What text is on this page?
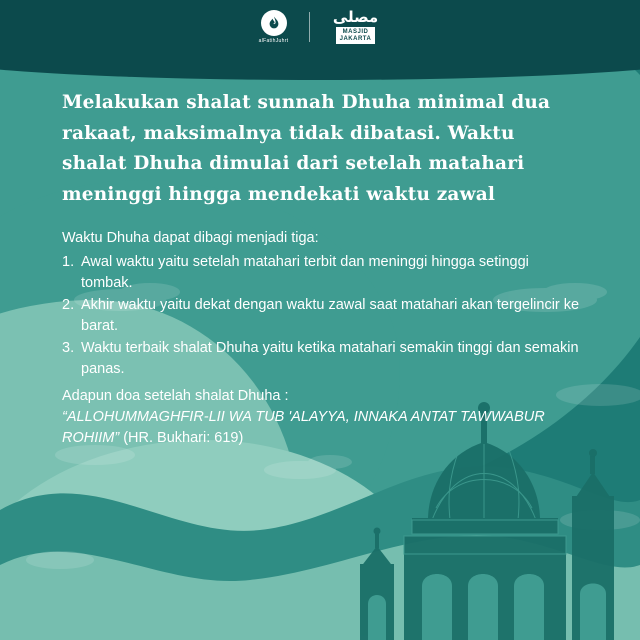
alFatihJuhrt
مصلى
MASJID
JAKARTA

Melakukan shalat sunnah Dhuha minimal dua rakaat, maksimalnya tidak dibatasi. Waktu shalat Dhuha dimulai dari setelah matahari meninggi hingga mendekati waktu zawal

Waktu Dhuha dapat dibagi menjadi tiga:

1. Awal waktu yaitu setelah matahari terbit dan meninggi hingga setinggi tombak.
2. Akhir waktu yaitu dekat dengan waktu zawal saat matahari akan tergelincir ke barat.
3. Waktu terbaik shalat Dhuha yaitu ketika matahari semakin tinggi dan semakin panas.

Adapun doa setelah shalat Dhuha :

“ALLOHUMMAGHFIR-LII WA TUB 'ALAYYA, INNAKA ANTAT TAWWABUR ROHIIM” (HR. Bukhari: 619)
